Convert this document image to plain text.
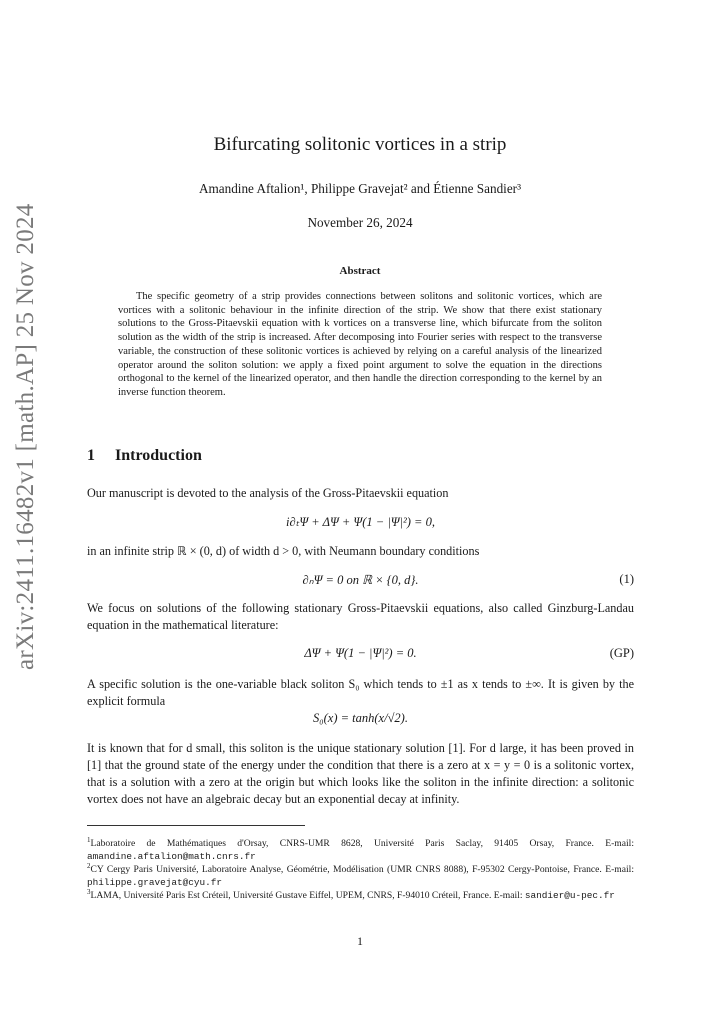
arXiv:2411.16482v1 [math.AP] 25 Nov 2024
Bifurcating solitonic vortices in a strip
Amandine Aftalion¹, Philippe Gravejat² and Étienne Sandier³
November 26, 2024
Abstract
The specific geometry of a strip provides connections between solitons and solitonic vortices, which are vortices with a solitonic behaviour in the infinite direction of the strip. We show that there exist stationary solutions to the Gross-Pitaevskii equation with k vortices on a transverse line, which bifurcate from the soliton solution as the width of the strip is increased. After decomposing into Fourier series with respect to the transverse variable, the construction of these solitonic vortices is achieved by relying on a careful analysis of the linearized operator around the soliton solution: we apply a fixed point argument to solve the equation in the directions orthogonal to the kernel of the linearized operator, and then handle the direction corresponding to the kernel by an inverse function theorem.
1 Introduction
Our manuscript is devoted to the analysis of the Gross-Pitaevskii equation
i∂ₜΨ + ΔΨ + Ψ(1 − |Ψ|²) = 0,
in an infinite strip ℝ × (0, d) of width d > 0, with Neumann boundary conditions
∂ₙΨ = 0 on ℝ × {0, d}.	(1)
We focus on solutions of the following stationary Gross-Pitaevskii equations, also called Ginzburg-Landau equation in the mathematical literature:
ΔΨ + Ψ(1 − |Ψ|²) = 0.	(GP)
A specific solution is the one-variable black soliton S₀ which tends to ±1 as x tends to ±∞. It is given by the explicit formula
S₀(x) = tanh(x/√2).
It is known that for d small, this soliton is the unique stationary solution [1]. For d large, it has been proved in [1] that the ground state of the energy under the condition that there is a zero at x = y = 0 is a solitonic vortex, that is a solution with a zero at the origin but which looks like the soliton in the infinite direction: a solitonic vortex does not have an algebraic decay but an exponential decay at infinity.
$^1$Laboratoire de Mathématiques d'Orsay, CNRS-UMR 8628, Université Paris Saclay, 91405 Orsay, France. E-mail: amandine.aftalion@math.cnrs.fr
$^2$CY Cergy Paris Université, Laboratoire Analyse, Géométrie, Modélisation (UMR CNRS 8088), F-95302 Cergy-Pontoise, France. E-mail: philippe.gravejat@cyu.fr
$^3$LAMA, Université Paris Est Créteil, Université Gustave Eiffel, UPEM, CNRS, F-94010 Créteil, France. E-mail: sandier@u-pec.fr
1
